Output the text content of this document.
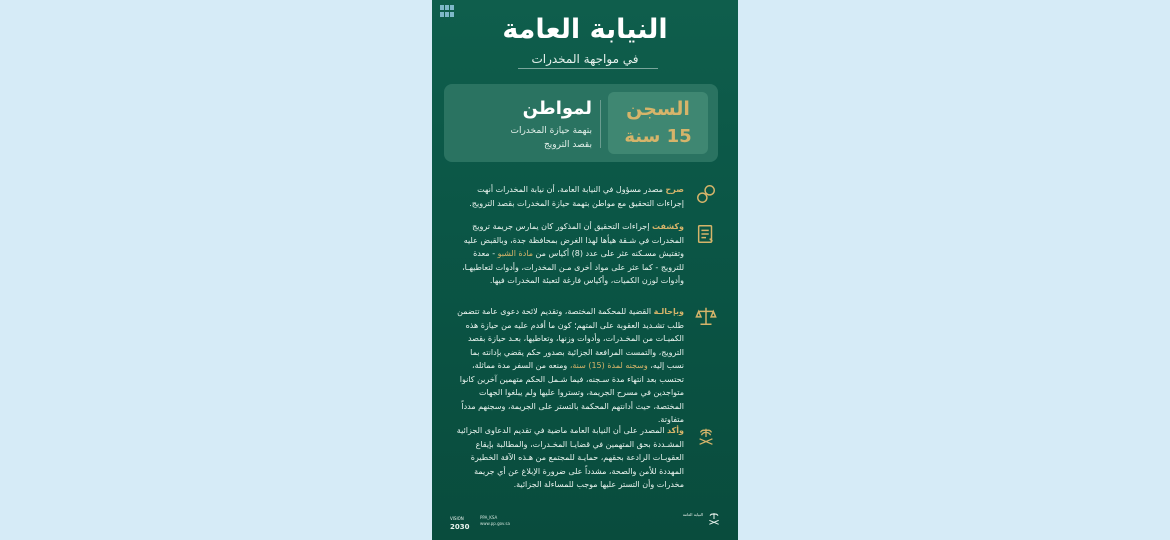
النيابة العامة
في مواجهة المخدرات
السجن
15 سنة
لمواطن
بتهمة حيازة المخدرات
بقصد الترويج
صرح مصدر مسؤول في النيابة العامة، أن نيابة المخدرات أنهت إجراءات التحقيق مع مواطن بتهمة حيازة المخدرات بقصد الترويج.
وكشفت إجراءات التحقيق أن المذكور كان يمارس جريمة ترويج المخدرات في شـقة هيأها لهذا الغرض بمحافظة جدة، وبالقبض عليه وتفتيش مسـكنه عثر على عدد (8) أكياس من مادة الشبو - معدة للترويج - كما عثر على مواد أخرى مـن المخدرات، وأدوات لتعاطيهـا، وأدوات لوزن الكميات، وأكياس فارغة لتعبئة المخدرات فيها.
وبإحالـة القضية للمحكمة المختصة، وتقديم لائحة دعوى عامة تتضمن طلب تشـديد العقوبة على المتهم؛ كون ما أقدم عليه من حيازة هذه الكميـات من المخـدرات، وأدوات وزنها، وتعاطيها، بعـد حيازة بقصد الترويج، والتمست المرافعة الجزائية بصدور حكم يقضي بإدانته بما نسب إليه، وسجنه لمدة (15) سنة، ومنعه من السفر مدة مماثلة، تحتسب بعد انتهاء مدة سـجنه، فيما شـمل الحكم متهمين آخرين كانوا متواجدين في مسرح الجريمة، وتستروا عليها ولم يبلغوا الجهات المختصة، حيث أدانتهم المحكمة بالتستر على الجريمة، وسجنهم مدداً متفاوتة.
وأكد المصدر على أن النيابة العامة ماضية في تقديم الدعاوى الجزائية المشـددة بحق المتهمين في قضايـا المخـدرات، والمطالبة بإيقاع العقوبـات الرادعة بحقهم، حمايـة للمجتمع من هـذه الآفة الخطيرة المهددة للأمن والصحة، مشدداً على ضرورة الإبلاغ عن أي جريمة مخدرات وأن التستر عليها موجب للمساءلة الجزائية.
VISION
2030
PPA_KSA
www.pp.gov.sa
النيابة العامة
